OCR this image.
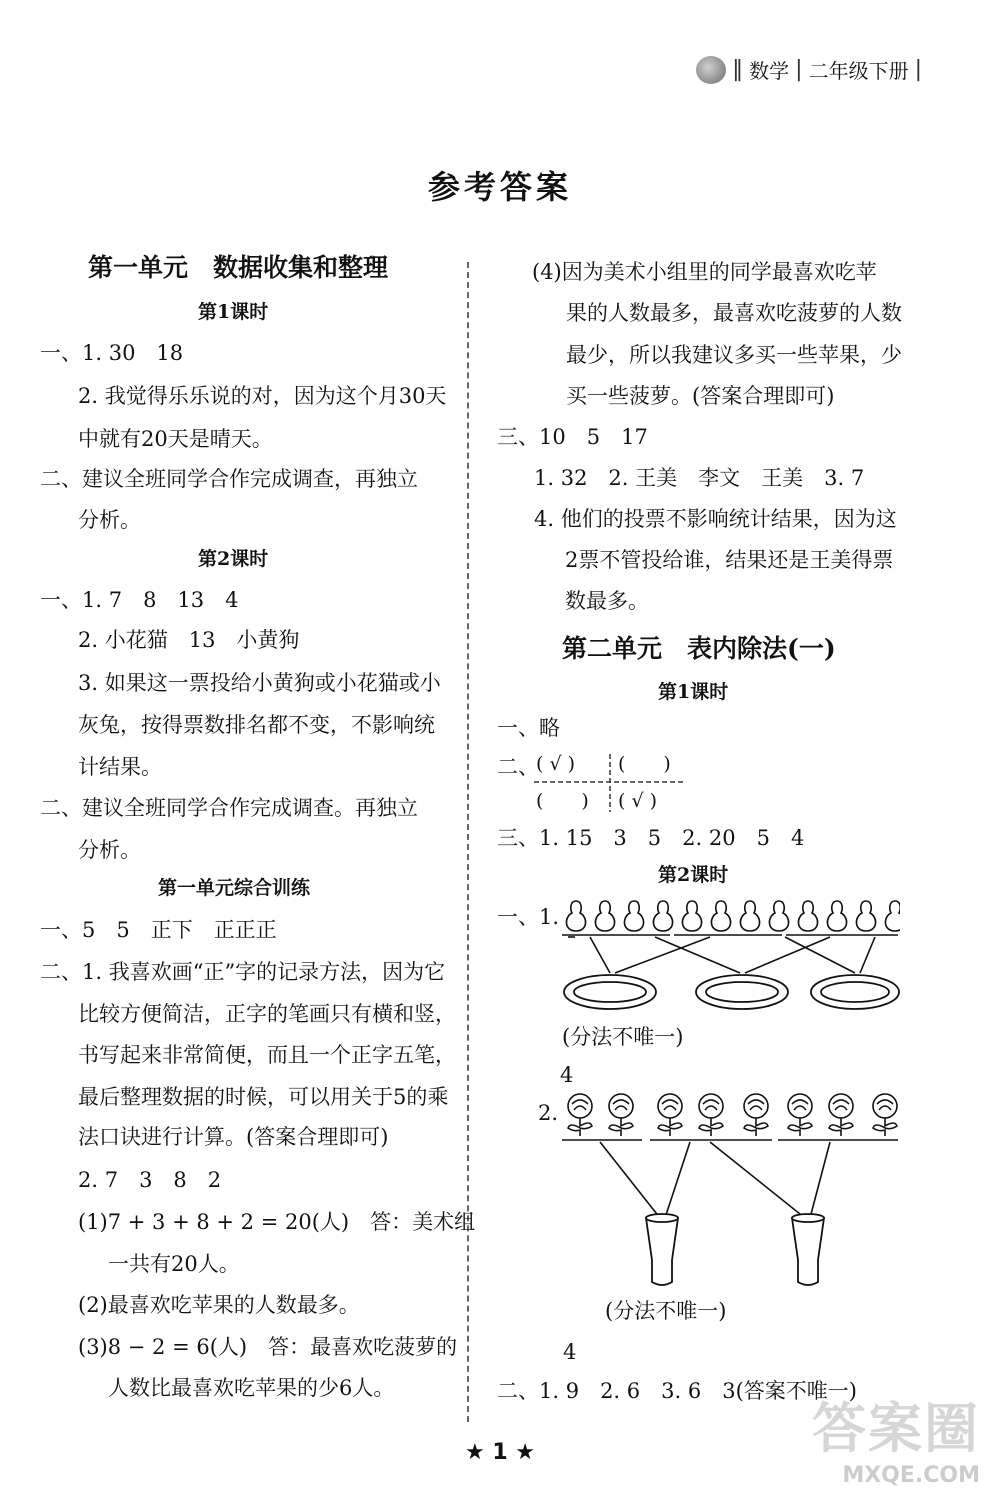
‖ 数学 | 二年级下册 |
参考答案
第一单元　数据收集和整理
第1课时
一、1. 30　18
2. 我觉得乐乐说的对，因为这个月30天
中就有20天是晴天。
二、建议全班同学合作完成调查，再独立
分析。
第2课时
一、1. 7　8　13　4
2. 小花猫　13　小黄狗
3. 如果这一票投给小黄狗或小花猫或小
灰兔，按得票数排名都不变，不影响统
计结果。
二、建议全班同学合作完成调查。再独立
分析。
第一单元综合训练
一、5　5　正下　正正正
二、1. 我喜欢画“正”字的记录方法，因为它
比较方便简洁，正字的笔画只有横和竖，
书写起来非常简便，而且一个正字五笔，
最后整理数据的时候，可以用关于5的乘
法口诀进行计算。(答案合理即可)
2. 7　3　8　2
(1)7 + 3 + 8 + 2 = 20(人)　答：美术组
一共有20人。
(2)最喜欢吃苹果的人数最多。
(3)8 − 2 = 6(人)　答：最喜欢吃菠萝的
人数比最喜欢吃苹果的少6人。
(4)因为美术小组里的同学最喜欢吃苹
果的人数最多，最喜欢吃菠萝的人数
最少，所以我建议多买一些苹果，少
买一些菠萝。(答案合理即可)
三、10　5　17
1. 32　2. 王美　李文　王美　3. 7
4. 他们的投票不影响统计结果，因为这
2票不管投给谁，结果还是王美得票
数最多。
第二单元　表内除法(一)
第1课时
一、略
二、
( √ ) (　　)
(　　) ( √ )
三、1. 15　3　5　2. 20　5　4
第2课时
一、1.
(分法不唯一)
4
2.
(分法不唯一)
4
二、1. 9　2. 6　3. 6　3(答案不唯一)
★ 1 ★	答案圈
MXQE.COM
